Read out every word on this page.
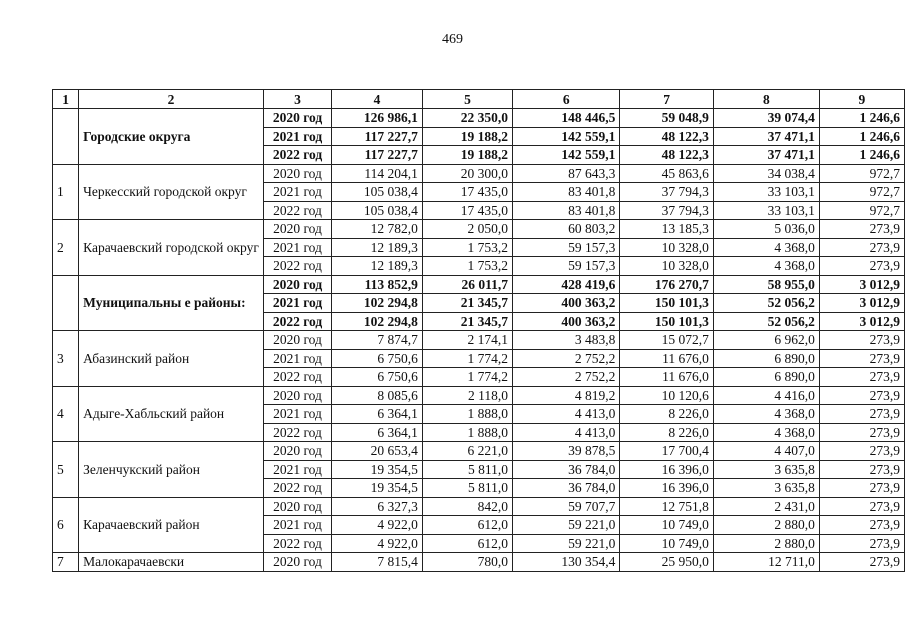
469
1	2	3	4	5	6	7	8	9
	Городские округа	2020 год	126 986,1	22 350,0	148 446,5	59 048,9	39 074,4	1 246,6
		2021 год	117 227,7	19 188,2	142 559,1	48 122,3	37 471,1	1 246,6
		2022 год	117 227,7	19 188,2	142 559,1	48 122,3	37 471,1	1 246,6
1	Черкесский городской округ	2020 год	114 204,1	20 300,0	87 643,3	45 863,6	34 038,4	972,7
		2021 год	105 038,4	17 435,0	83 401,8	37 794,3	33 103,1	972,7
		2022 год	105 038,4	17 435,0	83 401,8	37 794,3	33 103,1	972,7
2	Карачаевский городской округ	2020 год	12 782,0	2 050,0	60 803,2	13 185,3	5 036,0	273,9
		2021 год	12 189,3	1 753,2	59 157,3	10 328,0	4 368,0	273,9
		2022 год	12 189,3	1 753,2	59 157,3	10 328,0	4 368,0	273,9
	Муниципальны е районы:	2020 год	113 852,9	26 011,7	428 419,6	176 270,7	58 955,0	3 012,9
		2021 год	102 294,8	21 345,7	400 363,2	150 101,3	52 056,2	3 012,9
		2022 год	102 294,8	21 345,7	400 363,2	150 101,3	52 056,2	3 012,9
3	Абазинский район	2020 год	7 874,7	2 174,1	3 483,8	15 072,7	6 962,0	273,9
		2021 год	6 750,6	1 774,2	2 752,2	11 676,0	6 890,0	273,9
		2022 год	6 750,6	1 774,2	2 752,2	11 676,0	6 890,0	273,9
4	Адыге-Хабльский район	2020 год	8 085,6	2 118,0	4 819,2	10 120,6	4 416,0	273,9
		2021 год	6 364,1	1 888,0	4 413,0	8 226,0	4 368,0	273,9
		2022 год	6 364,1	1 888,0	4 413,0	8 226,0	4 368,0	273,9
5	Зеленчукский район	2020 год	20 653,4	6 221,0	39 878,5	17 700,4	4 407,0	273,9
		2021 год	19 354,5	5 811,0	36 784,0	16 396,0	3 635,8	273,9
		2022 год	19 354,5	5 811,0	36 784,0	16 396,0	3 635,8	273,9
6	Карачаевский район	2020 год	6 327,3	842,0	59 707,7	12 751,8	2 431,0	273,9
		2021 год	4 922,0	612,0	59 221,0	10 749,0	2 880,0	273,9
		2022 год	4 922,0	612,0	59 221,0	10 749,0	2 880,0	273,9
7	Малокарачаевски	2020 год	7 815,4	780,0	130 354,4	25 950,0	12 711,0	273,9
